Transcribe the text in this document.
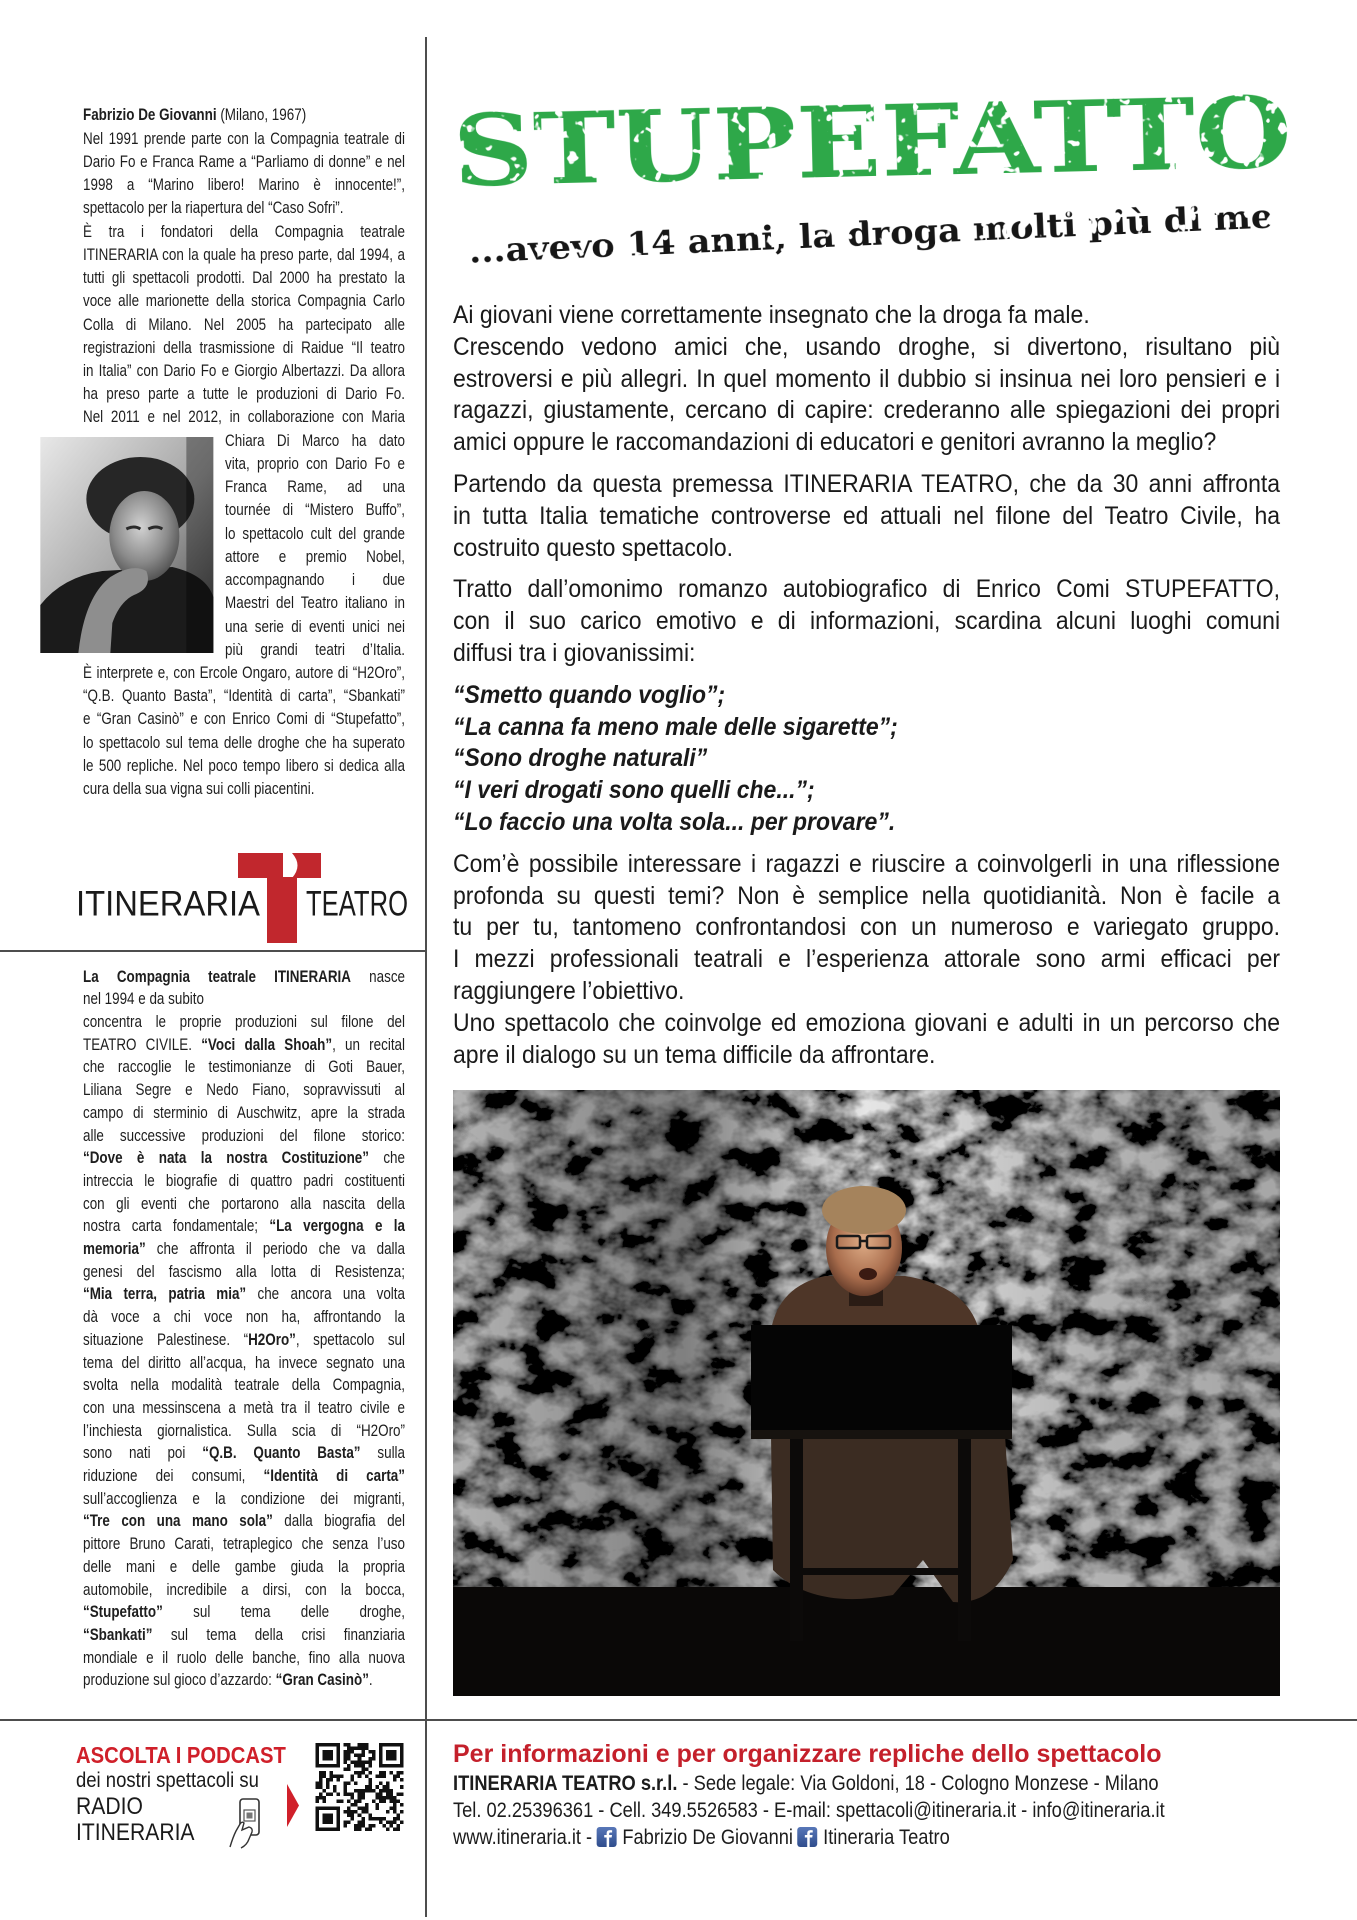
STUPEFATTO
...avevo 14 anni, la droga molti più di me
Fabrizio De Giovanni (Milano, 1967)
Nel 1991 prende parte con la Compagnia teatrale di
Dario Fo e Franca Rame a “Parliamo di donne” e nel
1998 a “Marino libero! Marino è innocente!”,
spettacolo per la riapertura del “Caso Sofri”.
È tra i fondatori della Compagnia teatrale
ITINERARIA con la quale ha preso parte, dal 1994, a
tutti gli spettacoli prodotti. Dal 2000 ha prestato la
voce alle marionette della storica Compagnia Carlo
Colla di Milano. Nel 2005 ha partecipato alle
registrazioni della trasmissione di Raidue “Il teatro
in Italia” con Dario Fo e Giorgio Albertazzi. Da allora
ha preso parte a tutte le produzioni di Dario Fo.
Nel 2011 e nel 2012, in collaborazione con Maria
Chiara Di Marco ha dato
vita, proprio con Dario Fo e
Franca Rame, ad una
tournée di “Mistero Buffo”,
lo spettacolo cult del grande
attore e premio Nobel,
accompagnando i due
Maestri del Teatro italiano in
una serie di eventi unici nei
più grandi teatri d’Italia.
È interprete e, con Ercole Ongaro, autore di “H2Oro”,
“Q.B. Quanto Basta”, “Identità di carta”, “Sbankati”
e “Gran Casinò” e con Enrico Comi di “Stupefatto”,
lo spettacolo sul tema delle droghe che ha superato
le 500 repliche. Nel poco tempo libero si dedica alla
cura della sua vigna sui colli piacentini.
ITINERARIA TEATRO
La Compagnia teatrale ITINERARIA nasce
nel 1994 e da subito
concentra le proprie produzioni sul filone del
TEATRO CIVILE. “Voci dalla Shoah”, un recital
che raccoglie le testimonianze di Goti Bauer,
Liliana Segre e Nedo Fiano, sopravvissuti al
campo di sterminio di Auschwitz, apre la strada
alle successive produzioni del filone storico:
“Dove è nata la nostra Costituzione” che
intreccia le biografie di quattro padri costituenti
con gli eventi che portarono alla nascita della
nostra carta fondamentale; “La vergogna e la
memoria” che affronta il periodo che va dalla
genesi del fascismo alla lotta di Resistenza;
“Mia terra, patria mia” che ancora una volta
dà voce a chi voce non ha, affrontando la
situazione Palestinese. “H2Oro”, spettacolo sul
tema del diritto all’acqua, ha invece segnato una
svolta nella modalità teatrale della Compagnia,
con una messinscena a metà tra il teatro civile e
l’inchiesta giornalistica. Sulla scia di “H2Oro”
sono nati poi “Q.B. Quanto Basta” sulla
riduzione dei consumi, “Identità di carta”
sull’accoglienza e la condizione dei migranti,
“Tre con una mano sola” dalla biografia del
pittore Bruno Carati, tetraplegico che senza l’uso
delle mani e delle gambe giuda la propria
automobile, incredibile a dirsi, con la bocca,
“Stupefatto” sul tema delle droghe,
“Sbankati” sul tema della crisi finanziaria
mondiale e il ruolo delle banche, fino alla nuova
produzione sul gioco d’azzardo: “Gran Casinò”.
ASCOLTA I PODCAST
dei nostri spettacoli su
RADIO
ITINERARIA
Ai giovani viene correttamente insegnato che la droga fa male.
Crescendo vedono amici che, usando droghe, si divertono, risultano più
estroversi e più allegri. In quel momento il dubbio si insinua nei loro pensieri e i
ragazzi, giustamente, cercano di capire: crederanno alle spiegazioni dei propri
amici oppure le raccomandazioni di educatori e genitori avranno la meglio?
Partendo da questa premessa ITINERARIA TEATRO, che da 30 anni affronta
in tutta Italia tematiche controverse ed attuali nel filone del Teatro Civile, ha
costruito questo spettacolo.
Tratto dall’omonimo romanzo autobiografico di Enrico Comi STUPEFATTO,
con il suo carico emotivo e di informazioni, scardina alcuni luoghi comuni
diffusi tra i giovanissimi:
“Smetto quando voglio”;
“La canna fa meno male delle sigarette”;
“Sono droghe naturali”
“I veri drogati sono quelli che...”;
“Lo faccio una volta sola... per provare”.
Com’è possibile interessare i ragazzi e riuscire a coinvolgerli in una riflessione
profonda su questi temi? Non è semplice nella quotidianità. Non è facile a
tu per tu, tantomeno confrontandosi con un numeroso e variegato gruppo.
I mezzi professionali teatrali e l’esperienza attorale sono armi efficaci per
raggiungere l’obiettivo.
Uno spettacolo che coinvolge ed emoziona giovani e adulti in un percorso che
apre il dialogo su un tema difficile da affrontare.
Per informazioni e per organizzare repliche dello spettacolo
ITINERARIA TEATRO s.r.l. - Sede legale: Via Goldoni, 18 - Cologno Monzese - Milano
Tel. 02.25396361 - Cell. 349.5526583 - E-mail: spettacoli@itineraria.it - info@itineraria.it
www.itineraria.it - Fabrizio De Giovanni Itineraria Teatro
